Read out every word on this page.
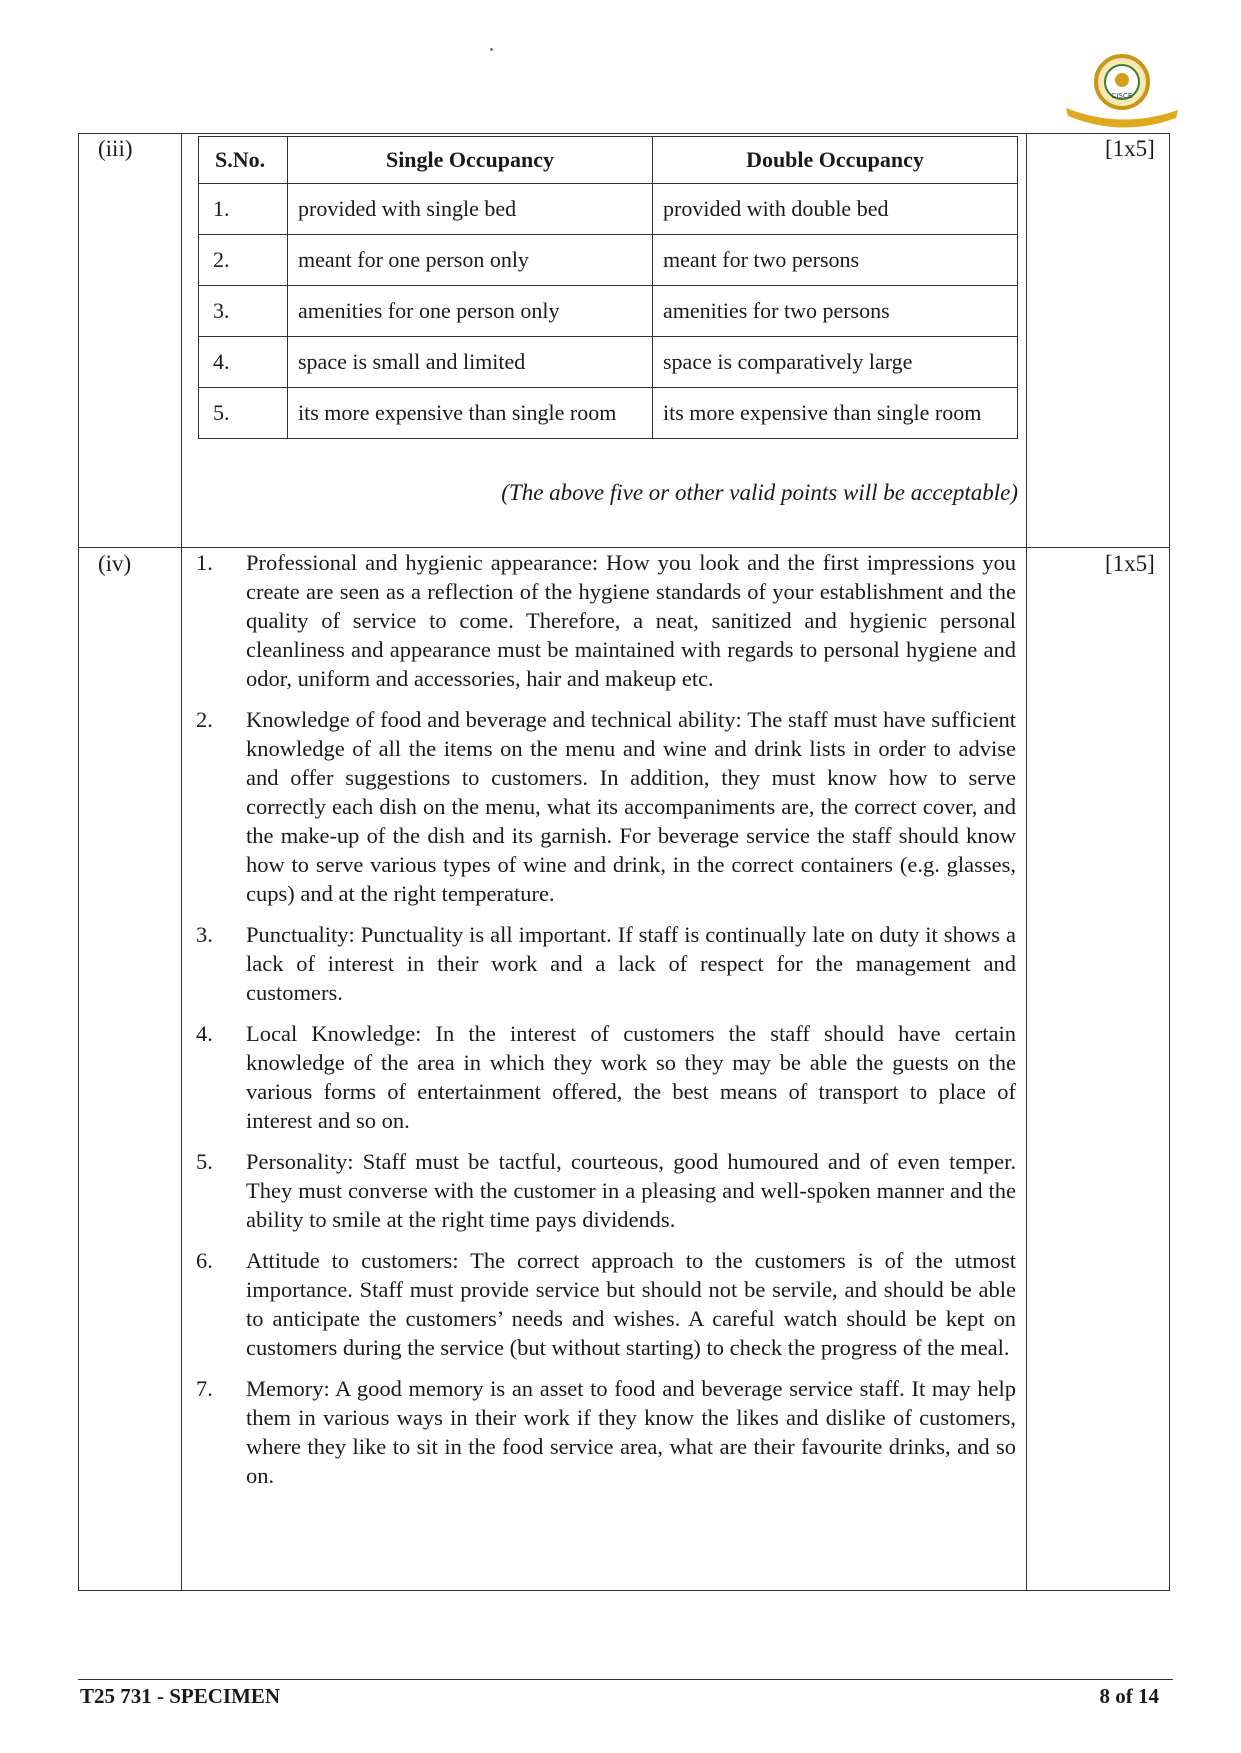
CISCE
(iii)	[1x5]
S.No.	Single Occupancy	Double Occupancy
1.	provided with single bed	provided with double bed
2.	meant for one person only	meant for two persons
3.	amenities for one person only	amenities for two persons
4.	space is small and limited	space is comparatively large
5.	its more expensive than single room	its more expensive than single room
(The above five or other valid points will be acceptable)
(iv)	[1x5]
1.	Professional and hygienic appearance: How you look and the first impressions you create are seen as a reflection of the hygiene standards of your establishment and the quality of service to come. Therefore, a neat, sanitized and hygienic personal cleanliness and appearance must be maintained with regards to personal hygiene and odor, uniform and accessories, hair and makeup etc.
2.	Knowledge of food and beverage and technical ability: The staff must have sufficient knowledge of all the items on the menu and wine and drink lists in order to advise and offer suggestions to customers. In addition, they must know how to serve correctly each dish on the menu, what its accompaniments are, the correct cover, and the make-up of the dish and its garnish. For beverage service the staff should know how to serve various types of wine and drink, in the correct containers (e.g. glasses, cups) and at the right temperature.
3.	Punctuality: Punctuality is all important. If staff is continually late on duty it shows a lack of interest in their work and a lack of respect for the management and customers.
4.	Local Knowledge: In the interest of customers the staff should have certain knowledge of the area in which they work so they may be able the guests on the various forms of entertainment offered, the best means of transport to place of interest and so on.
5.	Personality: Staff must be tactful, courteous, good humoured and of even temper. They must converse with the customer in a pleasing and well-spoken manner and the ability to smile at the right time pays dividends.
6.	Attitude to customers: The correct approach to the customers is of the utmost importance. Staff must provide service but should not be servile, and should be able to anticipate the customers’ needs and wishes. A careful watch should be kept on customers during the service (but without starting) to check the progress of the meal.
7.	Memory: A good memory is an asset to food and beverage service staff. It may help them in various ways in their work if they know the likes and dislike of customers, where they like to sit in the food service area, what are their favourite drinks, and so on.
T25 731 - SPECIMEN	8 of 14
